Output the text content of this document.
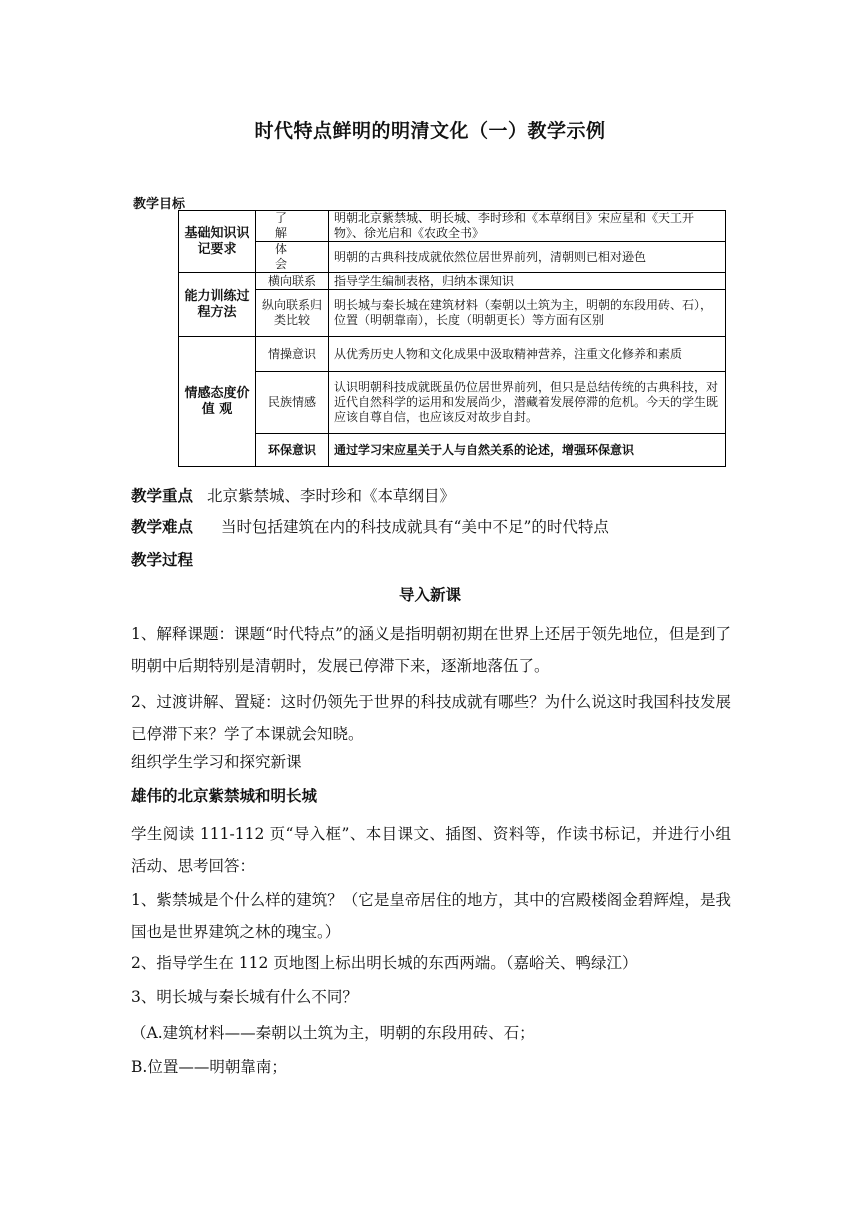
时代特点鲜明的明清文化（一）教学示例
教学目标
基础知识识记要求	了 解	明朝北京紫禁城、明长城、李时珍和《本草纲目》宋应星和《天工开物》、徐光启和《农政全书》
	体 会	明朝的古典科技成就依然位居世界前列，清朝则已相对逊色
能力训练过程方法	横向联系	指导学生编制表格，归纳本课知识
	纵向联系归类比较	明长城与秦长城在建筑材料（秦朝以土筑为主，明朝的东段用砖、石），位置（明朝靠南），长度（明朝更长）等方面有区别
情感态度价 值 观	情操意识	从优秀历史人物和文化成果中汲取精神营养，注重文化修养和素质
	民族情感	认识明朝科技成就既虽仍位居世界前列，但只是总结传统的古典科技，对近代自然科学的运用和发展尚少，潜藏着发展停滞的危机。今天的学生既应该自尊自信，也应该反对故步自封。
	环保意识	通过学习宋应星关于人与自然关系的论述，增强环保意识
教学重点 北京紫禁城、李时珍和《本草纲目》
教学难点 当时包括建筑在内的科技成就具有“美中不足”的时代特点
教学过程
导入新课
1、解释课题：课题“时代特点”的涵义是指明朝初期在世界上还居于领先地位，但是到了明朝中后期特别是清朝时，发展已停滞下来，逐渐地落伍了。
2、过渡讲解、置疑：这时仍领先于世界的科技成就有哪些？为什么说这时我国科技发展已停滞下来？学了本课就会知晓。
组织学生学习和探究新课
雄伟的北京紫禁城和明长城
学生阅读 111-112 页“导入框”、本目课文、插图、资料等，作读书标记，并进行小组活动、思考回答：
1、紫禁城是个什么样的建筑？（它是皇帝居住的地方，其中的宫殿楼阁金碧辉煌，是我国也是世界建筑之林的瑰宝。）
2、指导学生在 112 页地图上标出明长城的东西两端。（嘉峪关、鸭绿江）
3、明长城与秦长城有什么不同？
（A.建筑材料——秦朝以土筑为主，明朝的东段用砖、石；
B.位置——明朝靠南；
